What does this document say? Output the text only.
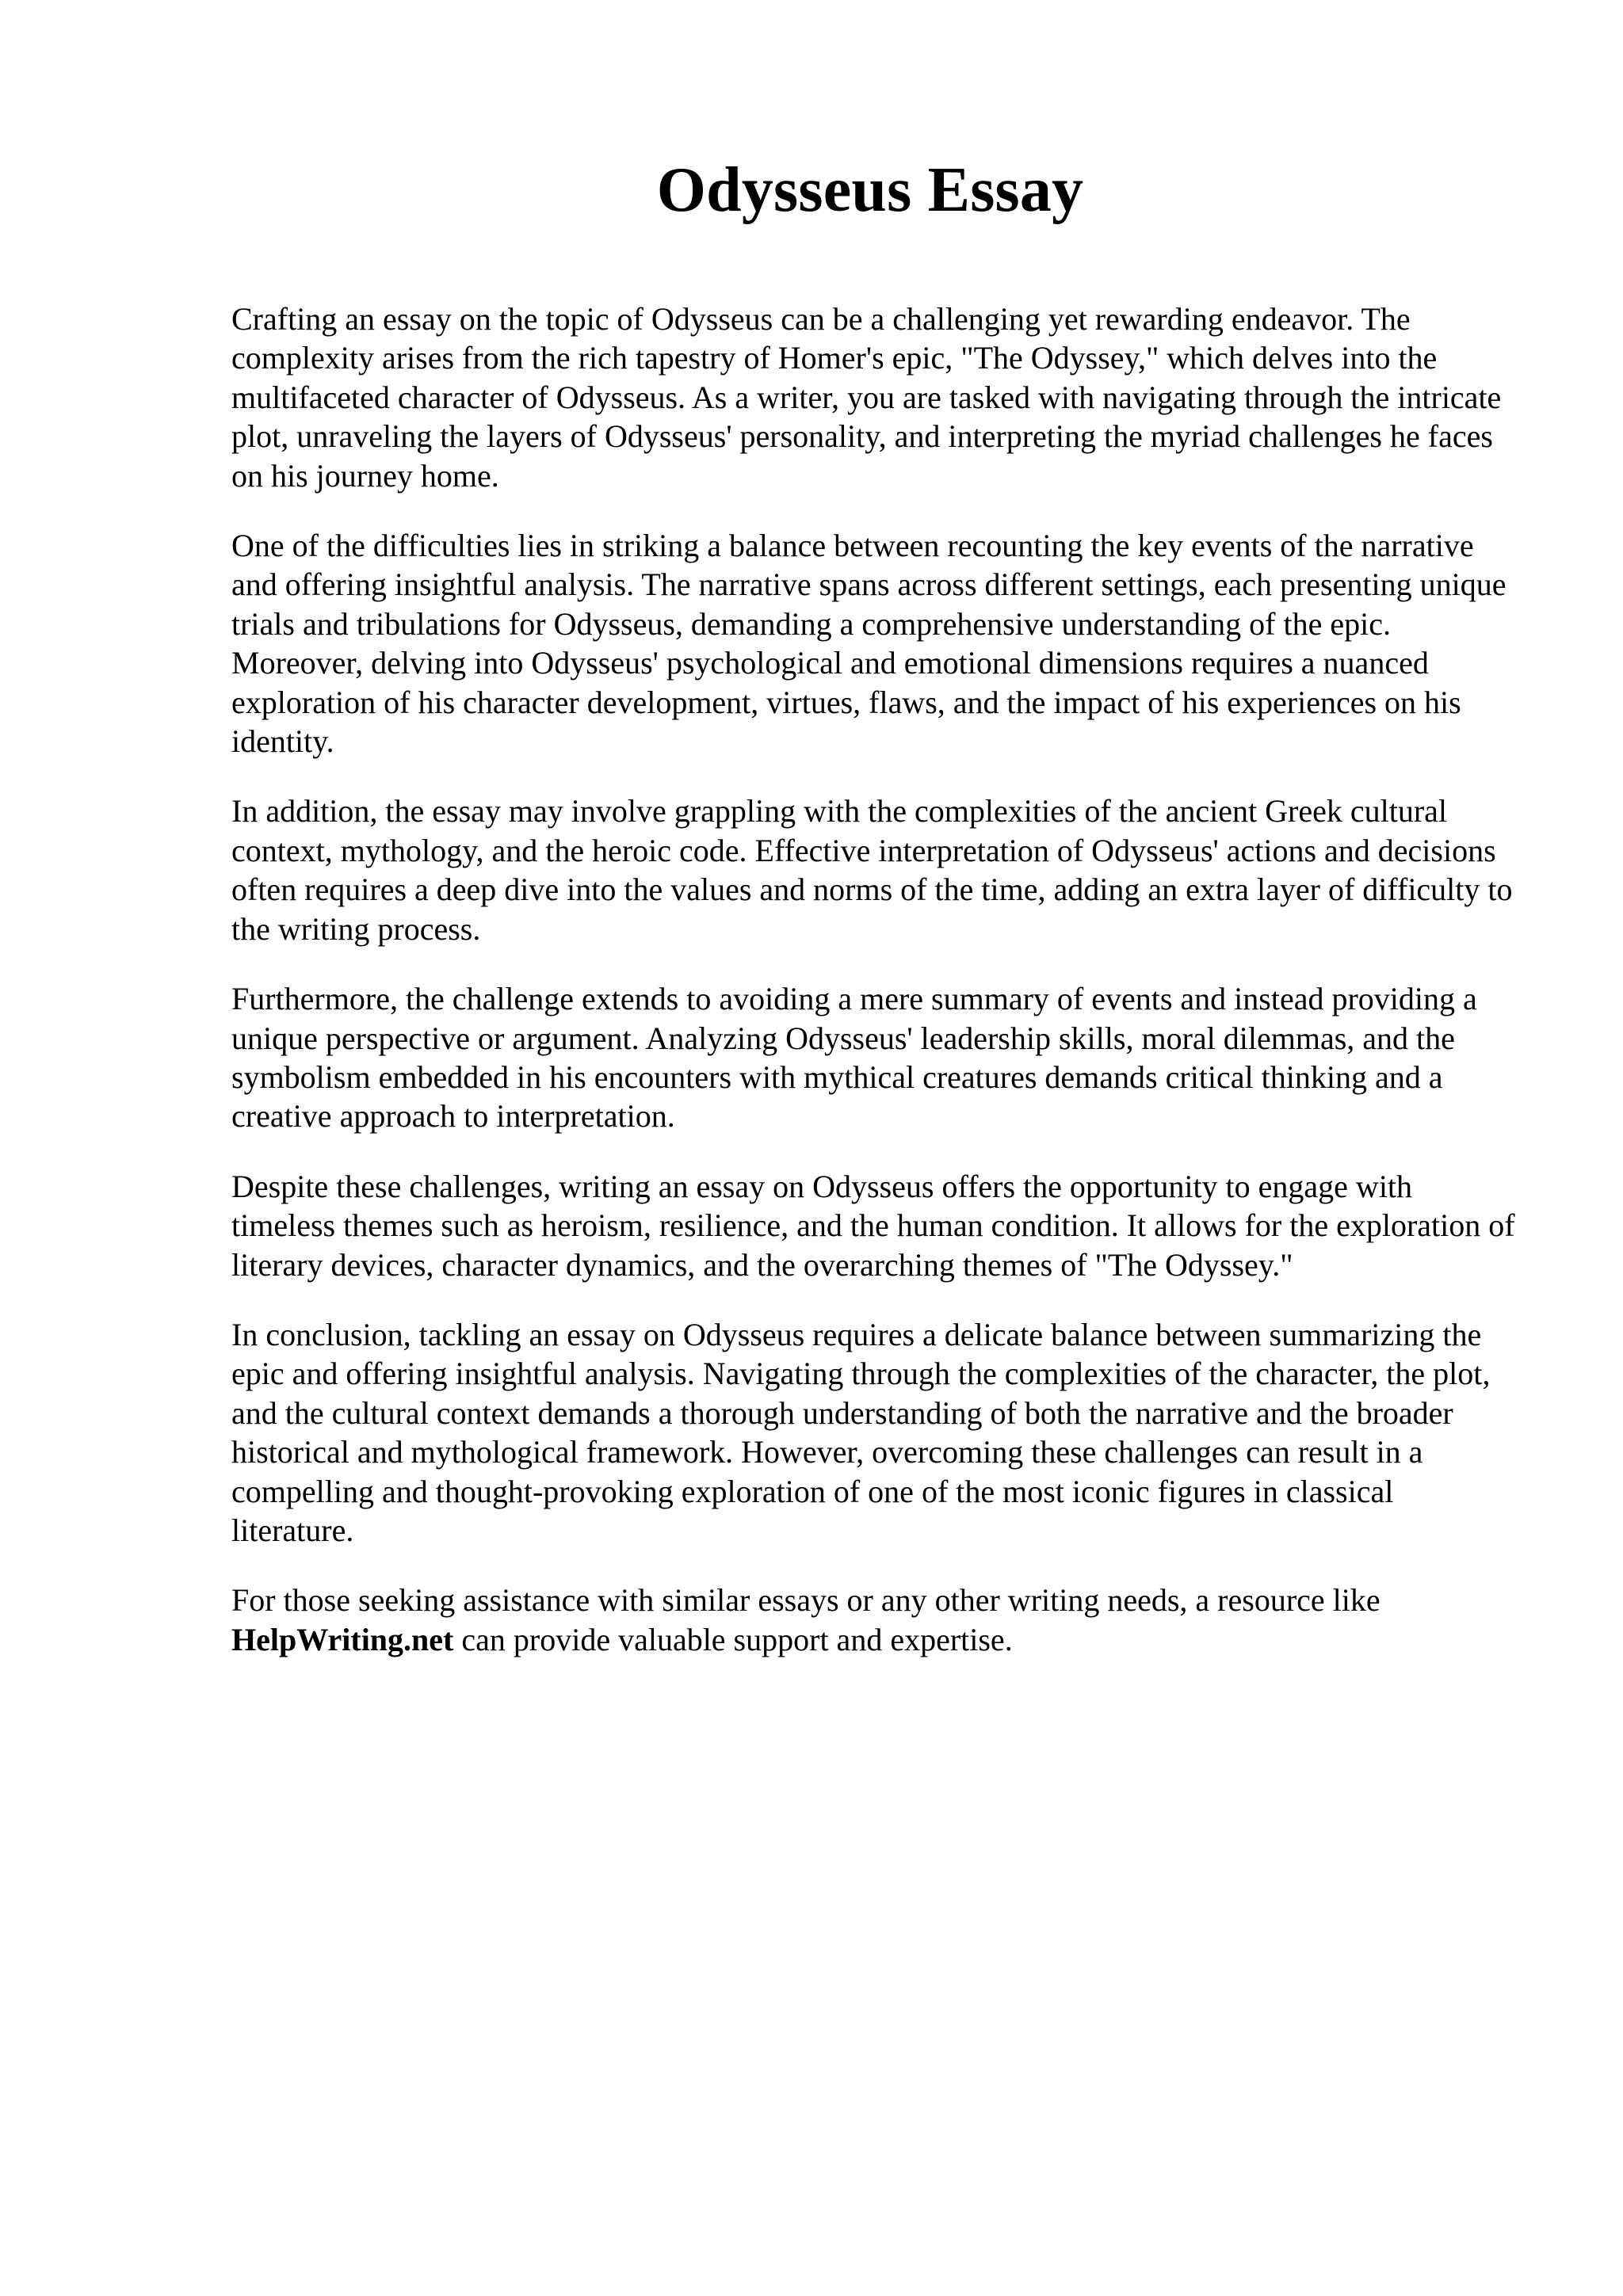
Odysseus Essay

Crafting an essay on the topic of Odysseus can be a challenging yet rewarding endeavor. The complexity arises from the rich tapestry of Homer's epic, "The Odyssey," which delves into the multifaceted character of Odysseus. As a writer, you are tasked with navigating through the intricate plot, unraveling the layers of Odysseus' personality, and interpreting the myriad challenges he faces on his journey home.

One of the difficulties lies in striking a balance between recounting the key events of the narrative and offering insightful analysis. The narrative spans across different settings, each presenting unique trials and tribulations for Odysseus, demanding a comprehensive understanding of the epic. Moreover, delving into Odysseus' psychological and emotional dimensions requires a nuanced exploration of his character development, virtues, flaws, and the impact of his experiences on his identity.

In addition, the essay may involve grappling with the complexities of the ancient Greek cultural context, mythology, and the heroic code. Effective interpretation of Odysseus' actions and decisions often requires a deep dive into the values and norms of the time, adding an extra layer of difficulty to the writing process.

Furthermore, the challenge extends to avoiding a mere summary of events and instead providing a unique perspective or argument. Analyzing Odysseus' leadership skills, moral dilemmas, and the symbolism embedded in his encounters with mythical creatures demands critical thinking and a creative approach to interpretation.

Despite these challenges, writing an essay on Odysseus offers the opportunity to engage with timeless themes such as heroism, resilience, and the human condition. It allows for the exploration of literary devices, character dynamics, and the overarching themes of "The Odyssey."

In conclusion, tackling an essay on Odysseus requires a delicate balance between summarizing the epic and offering insightful analysis. Navigating through the complexities of the character, the plot, and the cultural context demands a thorough understanding of both the narrative and the broader historical and mythological framework. However, overcoming these challenges can result in a compelling and thought-provoking exploration of one of the most iconic figures in classical literature.

For those seeking assistance with similar essays or any other writing needs, a resource like HelpWriting.net can provide valuable support and expertise.
